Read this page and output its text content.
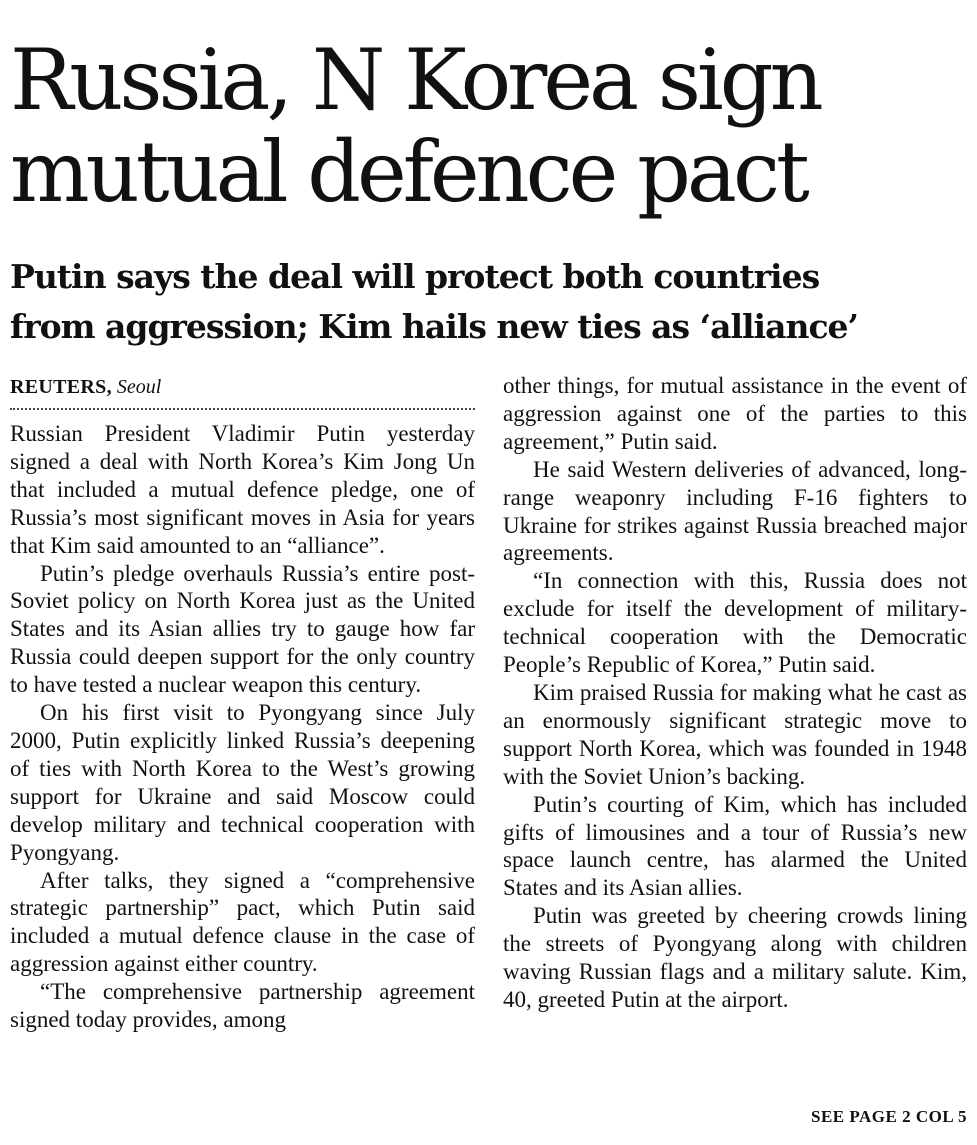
Russia, N Korea sign
mutual defence pact
Putin says the deal will protect both countries
from aggression; Kim hails new ties as ‘alliance’
REUTERS, Seoul

Russian President Vladimir Putin yesterday signed a deal with North Korea’s Kim Jong Un that included a mutual defence pledge, one of Russia’s most significant moves in Asia for years that Kim said amounted to an “alliance”.

Putin’s pledge overhauls Russia’s entire post-Soviet policy on North Korea just as the United States and its Asian allies try to gauge how far Russia could deepen support for the only country to have tested a nuclear weapon this century.

On his first visit to Pyongyang since July 2000, Putin explicitly linked Russia’s deepening of ties with North Korea to the West’s growing support for Ukraine and said Moscow could develop military and technical cooperation with Pyongyang.

After talks, they signed a “comprehensive strategic partnership” pact, which Putin said included a mutual defence clause in the case of aggression against either country.

“The comprehensive partnership agreement signed today provides, among

other things, for mutual assistance in the event of aggression against one of the parties to this agreement,” Putin said.

He said Western deliveries of advanced, long-range weaponry including F-16 fighters to Ukraine for strikes against Russia breached major agreements.

“In connection with this, Russia does not exclude for itself the development of military-technical cooperation with the Democratic People’s Republic of Korea,” Putin said.

Kim praised Russia for making what he cast as an enormously significant strategic move to support North Korea, which was founded in 1948 with the Soviet Union’s backing.

Putin’s courting of Kim, which has included gifts of limousines and a tour of Russia’s new space launch centre, has alarmed the United States and its Asian allies.

Putin was greeted by cheering crowds lining the streets of Pyongyang along with children waving Russian flags and a military salute. Kim, 40, greeted Putin at the airport.

SEE PAGE 2 COL 5
